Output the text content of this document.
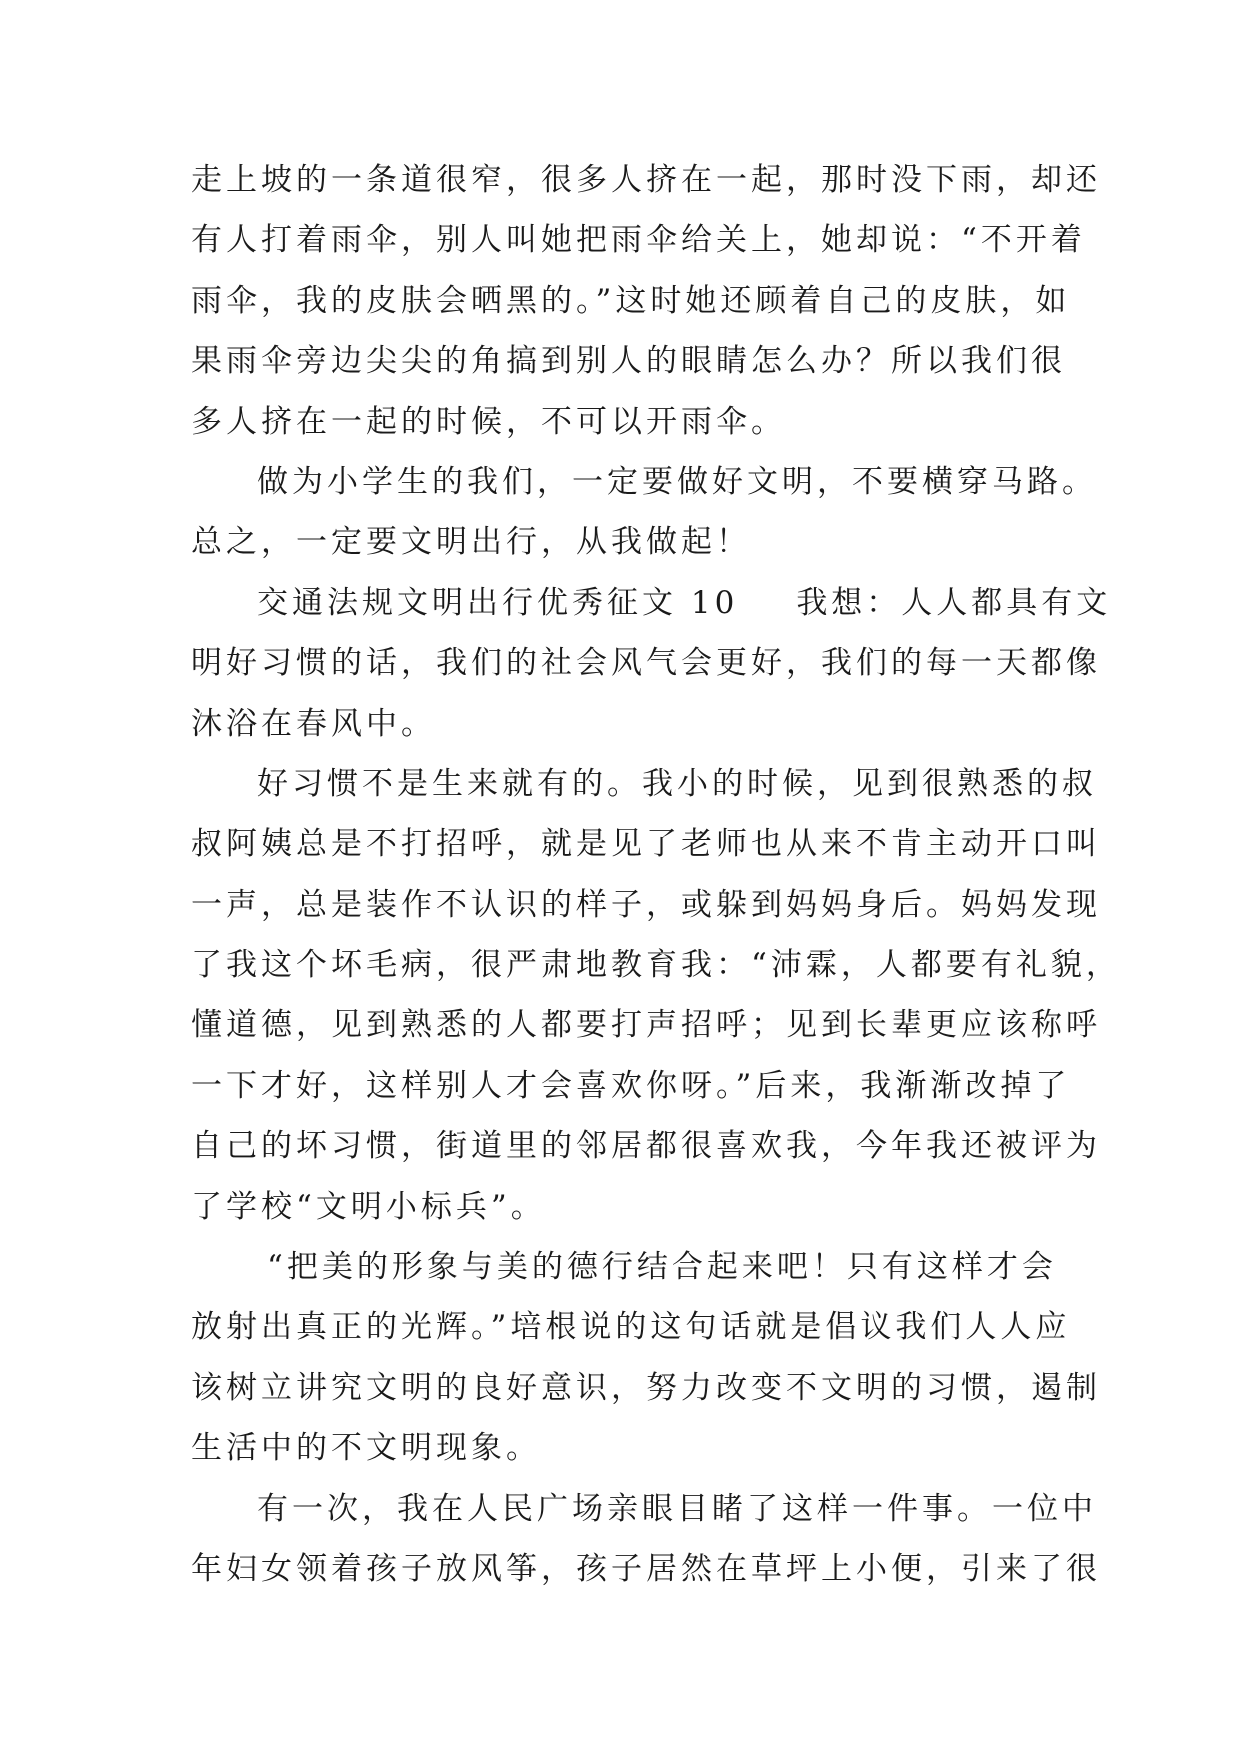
走上坡的一条道很窄，很多人挤在一起，那时没下雨，却还
有人打着雨伞，别人叫她把雨伞给关上，她却说：“不开着
雨伞，我的皮肤会晒黑的。”这时她还顾着自己的皮肤，如
果雨伞旁边尖尖的角搞到别人的眼睛怎么办？所以我们很
多人挤在一起的时候，不可以开雨伞。
做为小学生的我们，一定要做好文明，不要横穿马路。
总之，一定要文明出行，从我做起！
交通法规文明出行优秀征文 10 我想：人人都具有文
明好习惯的话，我们的社会风气会更好，我们的每一天都像
沐浴在春风中。
好习惯不是生来就有的。我小的时候，见到很熟悉的叔
叔阿姨总是不打招呼，就是见了老师也从来不肯主动开口叫
一声，总是装作不认识的样子，或躲到妈妈身后。妈妈发现
了我这个坏毛病，很严肃地教育我：“沛霖，人都要有礼貌，
懂道德，见到熟悉的人都要打声招呼；见到长辈更应该称呼
一下才好，这样别人才会喜欢你呀。”后来，我渐渐改掉了
自己的坏习惯，街道里的邻居都很喜欢我，今年我还被评为
了学校“文明小标兵”。
“把美的形象与美的德行结合起来吧！只有这样才会
放射出真正的光辉。”培根说的这句话就是倡议我们人人应
该树立讲究文明的良好意识，努力改变不文明的习惯，遏制
生活中的不文明现象。
有一次，我在人民广场亲眼目睹了这样一件事。一位中
年妇女领着孩子放风筝，孩子居然在草坪上小便，引来了很
